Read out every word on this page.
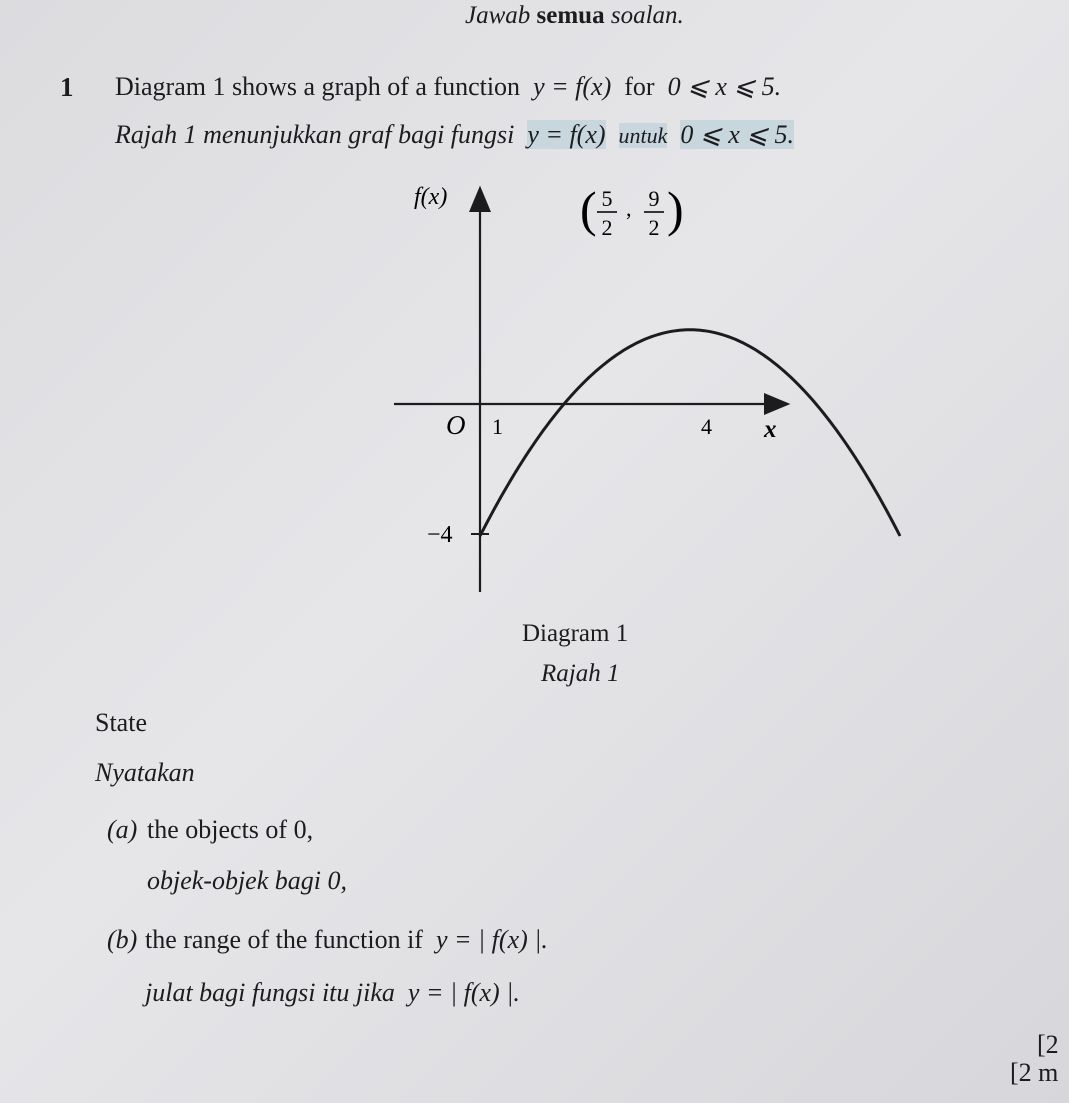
Jawab semua soalan.
1 Diagram 1 shows a graph of a function y = f(x) for 0 ⩽ x ⩽ 5.
Rajah 1 menunjukkan graf bagi fungsi y = f(x) untuk 0 ⩽ x ⩽ 5.
f(x)
x
O 1	4
−4
( 5
2
, 9
2 )
Diagram 1
Rajah 1
State
Nyatakan
(a) the objects of 0,
objek-objek bagi 0,
(b) the range of the function if y = | f(x) |.
julat bagi fungsi itu jika y = | f(x) |.
[2
[2 m
